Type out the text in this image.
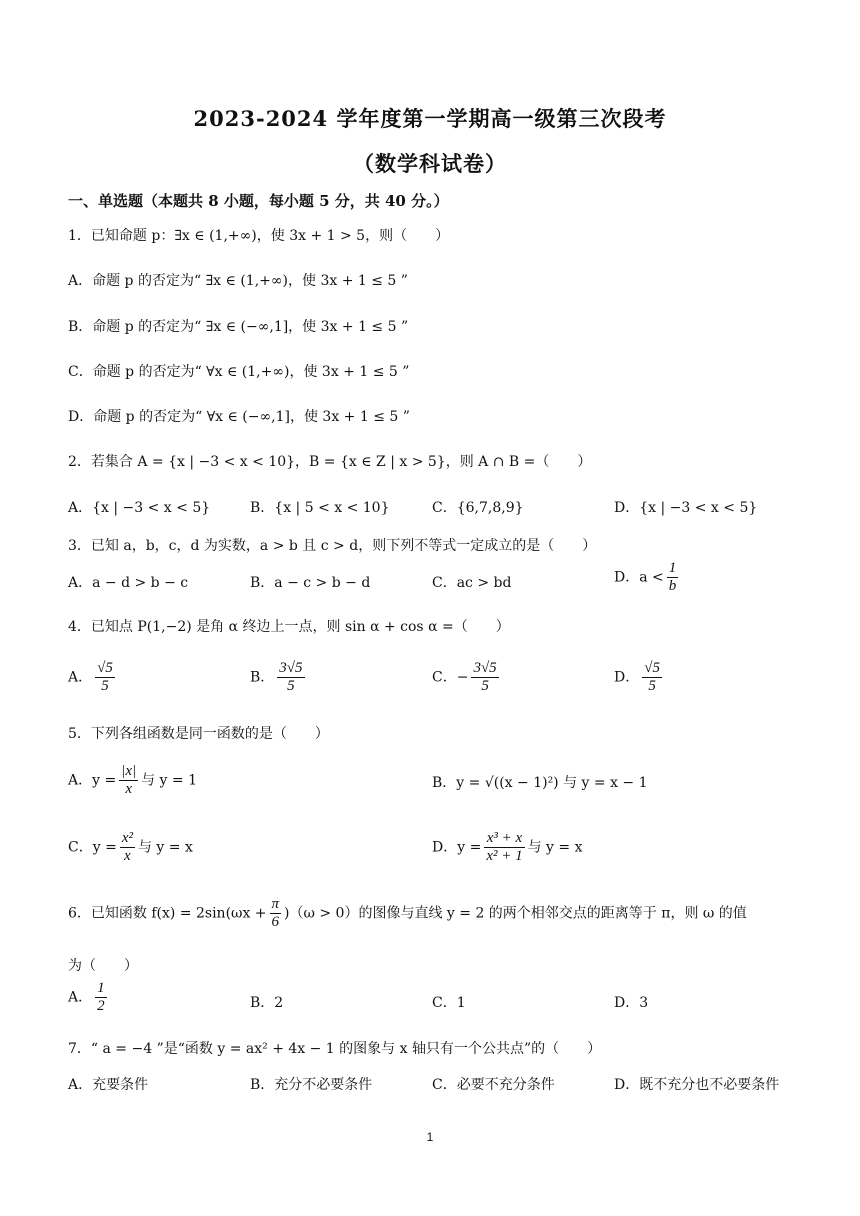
2023-2024 学年度第一学期高一级第三次段考
（数学科试卷）
一、单选题（本题共 8 小题，每小题 5 分，共 40 分。）
1．已知命题 p：∃x ∈ (1,+∞)，使 3x + 1 > 5，则（　　）
A．命题 p 的否定为“ ∃x ∈ (1,+∞)，使 3x + 1 ≤ 5 ”
B．命题 p 的否定为“ ∃x ∈ (−∞,1]，使 3x + 1 ≤ 5 ”
C．命题 p 的否定为“ ∀x ∈ (1,+∞)，使 3x + 1 ≤ 5 ”
D．命题 p 的否定为“ ∀x ∈ (−∞,1]，使 3x + 1 ≤ 5 ”
2．若集合 A = {x | −3 < x < 10}，B = {x ∈ Z | x > 5}，则 A ∩ B =（　　）
A．{x | −3 < x < 5}	B．{x | 5 < x < 10}	C．{6,7,8,9}	D．{x | −3 < x < 5}
3．已知 a，b，c，d 为实数，a > b 且 c > d，则下列不等式一定成立的是（　　）
A．a − d > b − c	B．a − c > b − d	C．ac > bd	D．$a < \frac{1}{b}$
4．已知点 P(1,−2) 是角 α 终边上一点，则 sin α + cos α =（　　）
A． $\frac{√5}{5}$	B． $\frac{3√5}{5}$	C．− $\frac{3√5}{5}$	D． $\frac{√5}{5}$
5．下列各组函数是同一函数的是（　　）
A．$y = \frac{|x|}{x}$ 与 y = 1	B．y = √((x − 1)²) 与 y = x − 1
C．$y = \frac{\text{x²}}{x}$ 与 y = x	D．$y = \frac{\text{x³ + x}}{\text{x² + 1}}$ 与 y = x
6．已知函数 $f(x) = 2\sin(\omega x + \frac{\pi}{6} )(\omega > 0)$的图像与直线 y = 2 的两个相邻交点的距离等于 π，则 ω 的值
为（　　）
A． $\frac{1}{2}$	B．2	C．1	D．3
7．“ a = −4 ”是“函数 y = ax² + 4x − 1 的图象与 x 轴只有一个公共点”的（　　）
A．充要条件	B．充分不必要条件	C．必要不充分条件	D．既不充分也不必要条件
1
